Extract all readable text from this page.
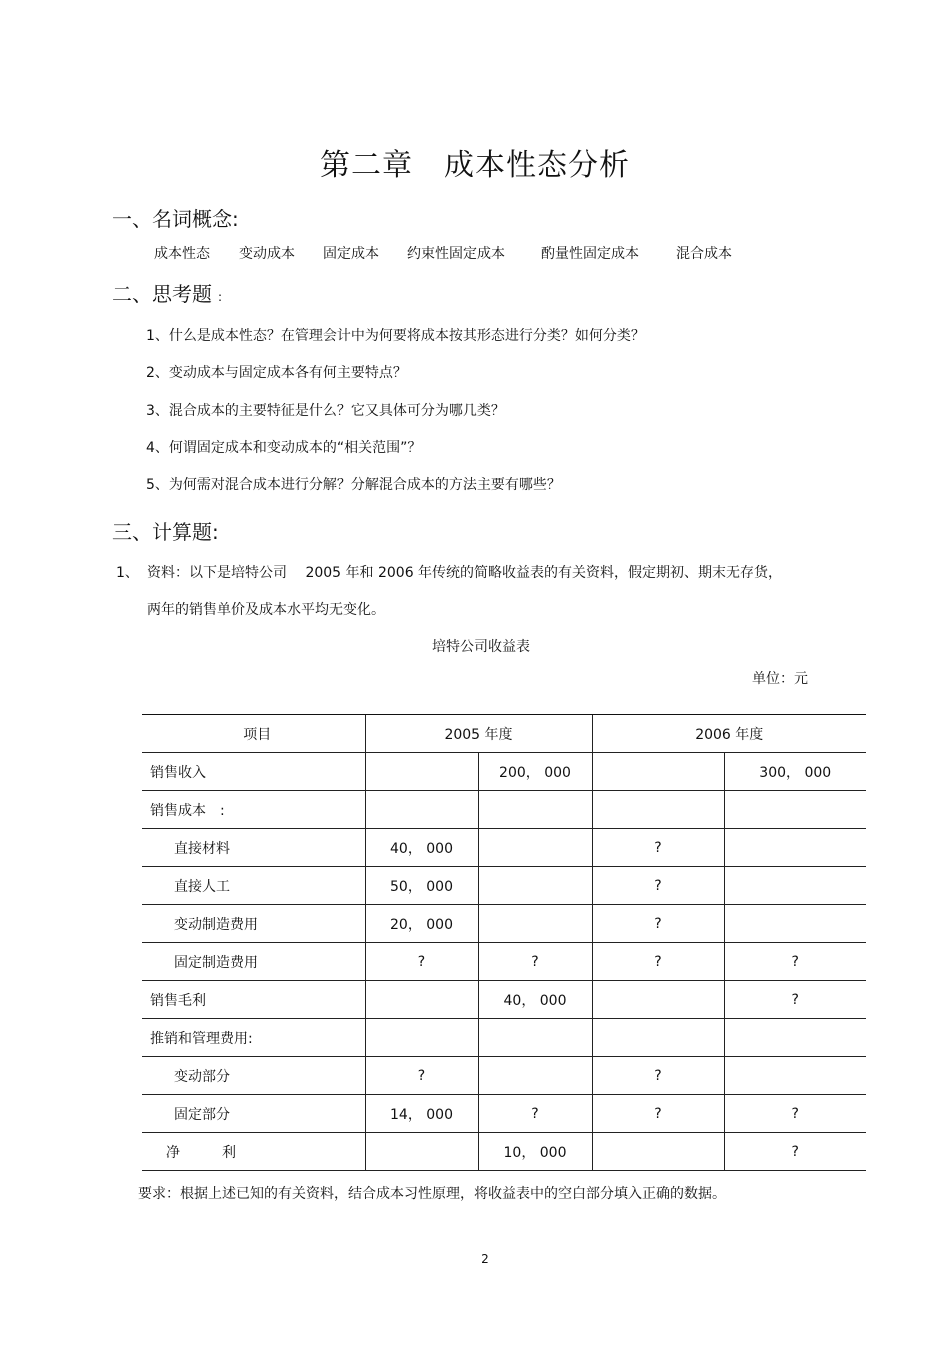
第二章　成本性态分析
一、名词概念:
成本性态 变动成本 固定成本 约束性固定成本	酌量性固定成本	混合成本
二、思考题 :
1、什么是成本性态？在管理会计中为何要将成本按其形态进行分类？如何分类？
2、变动成本与固定成本各有何主要特点？
3、混合成本的主要特征是什么？它又具体可分为哪几类？
4、何谓固定成本和变动成本的“相关范围”？
5、为何需对混合成本进行分解？分解混合成本的方法主要有哪些？
三、计算题:
1、 资料：以下是培特公司　 2005 年和 2006 年传统的简略收益表的有关资料，假定期初、期末无存货，
两年的销售单价及成本水平均无变化。
培特公司收益表
单位：元
项目	2005 年度		2006 年度	
销售收入		200， 000		300， 000
销售成本　:				
直接材料	40， 000		?	
直接人工	50， 000		?	
变动制造费用	20， 000		?	
固定制造费用	?	?	?	?
销售毛利		40， 000		?
推销和管理费用:				
变动部分	?		?	
固定部分	14， 000	?	?	?
净　　　利		10， 000		?
要求：根据上述已知的有关资料，结合成本习性原理，将收益表中的空白部分填入正确的数据。
2
